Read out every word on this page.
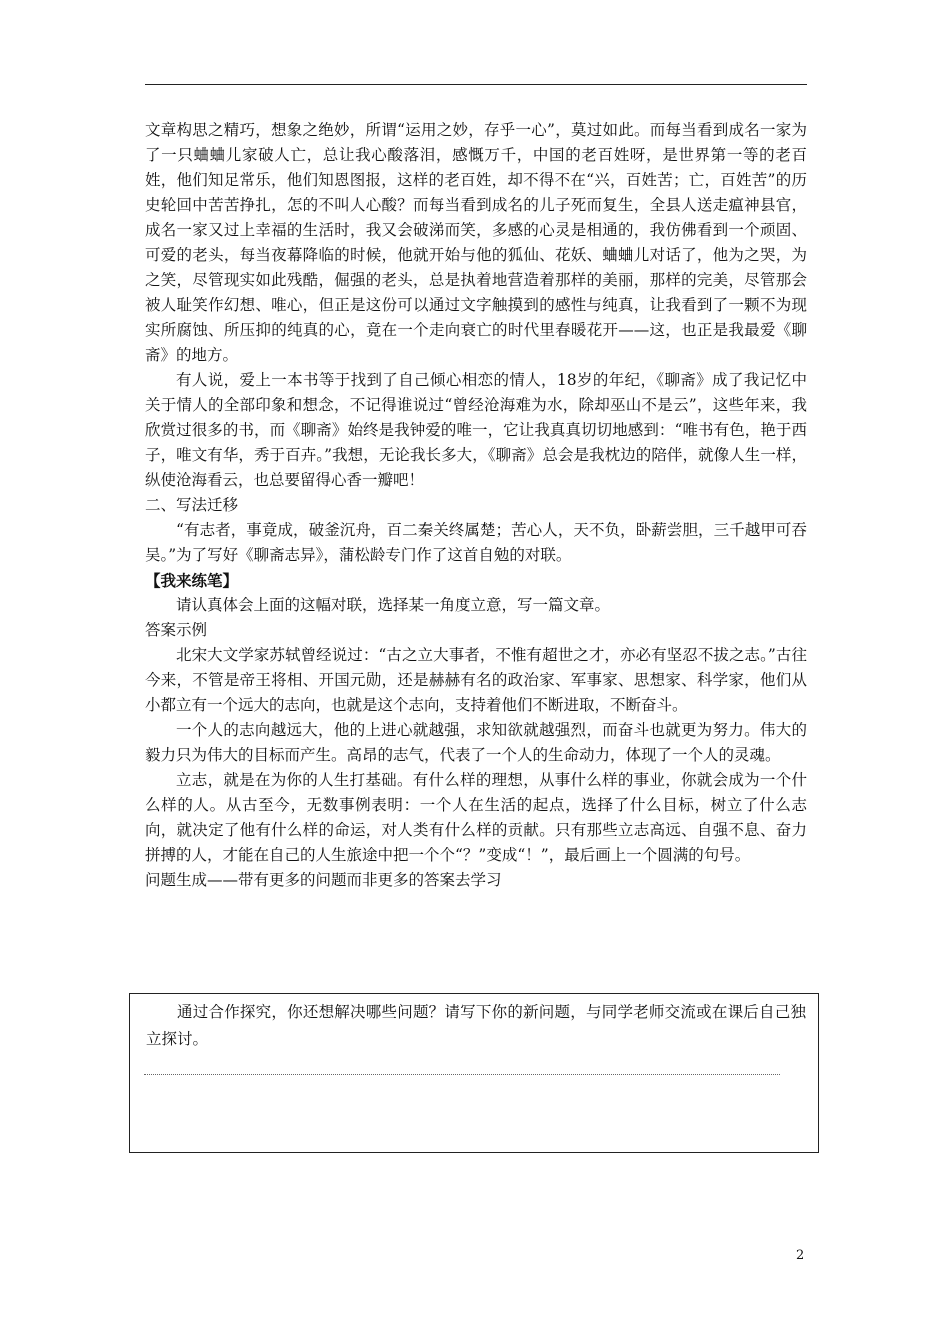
文章构思之精巧，想象之绝妙，所谓“运用之妙，存乎一心”，莫过如此。而每当看到成名一家为了一只蛐蛐儿家破人亡，总让我心酸落泪，感慨万千，中国的老百姓呀，是世界第一等的老百姓，他们知足常乐，他们知恩图报，这样的老百姓，却不得不在“兴，百姓苦；亡，百姓苦”的历史轮回中苦苦挣扎，怎的不叫人心酸？而每当看到成名的儿子死而复生，全县人送走瘟神县官，成名一家又过上幸福的生活时，我又会破涕而笑，多感的心灵是相通的，我仿佛看到一个顽固、可爱的老头，每当夜幕降临的时候，他就开始与他的狐仙、花妖、蛐蛐儿对话了，他为之哭，为之笑，尽管现实如此残酷，倔强的老头，总是执着地营造着那样的美丽，那样的完美，尽管那会被人耻笑作幻想、唯心，但正是这份可以通过文字触摸到的感性与纯真，让我看到了一颗不为现实所腐蚀、所压抑的纯真的心，竟在一个走向衰亡的时代里春暖花开——这，也正是我最爱《聊斋》的地方。

有人说，爱上一本书等于找到了自己倾心相恋的情人，18岁的年纪，《聊斋》成了我记忆中关于情人的全部印象和想念，不记得谁说过“曾经沧海难为水，除却巫山不是云”，这些年来，我欣赏过很多的书，而《聊斋》始终是我钟爱的唯一，它让我真真切切地感到：“唯书有色，艳于西子，唯文有华，秀于百卉。”我想，无论我长多大，《聊斋》总会是我枕边的陪伴，就像人生一样，纵使沧海看云，也总要留得心香一瓣吧！

二、写法迁移

“有志者，事竟成，破釜沉舟，百二秦关终属楚；苦心人，天不负，卧薪尝胆，三千越甲可吞吴。”为了写好《聊斋志异》，蒲松龄专门作了这首自勉的对联。

【我来练笔】

请认真体会上面的这幅对联，选择某一角度立意，写一篇文章。

答案示例

北宋大文学家苏轼曾经说过：“古之立大事者，不惟有超世之才，亦必有坚忍不拔之志。”古往今来，不管是帝王将相、开国元勋，还是赫赫有名的政治家、军事家、思想家、科学家，他们从小都立有一个远大的志向，也就是这个志向，支持着他们不断进取，不断奋斗。

一个人的志向越远大，他的上进心就越强，求知欲就越强烈，而奋斗也就更为努力。伟大的毅力只为伟大的目标而产生。高昂的志气，代表了一个人的生命动力，体现了一个人的灵魂。

立志，就是在为你的人生打基础。有什么样的理想，从事什么样的事业，你就会成为一个什么样的人。从古至今，无数事例表明：一个人在生活的起点，选择了什么目标，树立了什么志向，就决定了他有什么样的命运，对人类有什么样的贡献。只有那些立志高远、自强不息、奋力拼搏的人，才能在自己的人生旅途中把一个个“？”变成“！”，最后画上一个圆满的句号。

问题生成——带有更多的问题而非更多的答案去学习

通过合作探究，你还想解决哪些问题？请写下你的新问题，与同学老师交流或在课后自己独立探讨。

2
